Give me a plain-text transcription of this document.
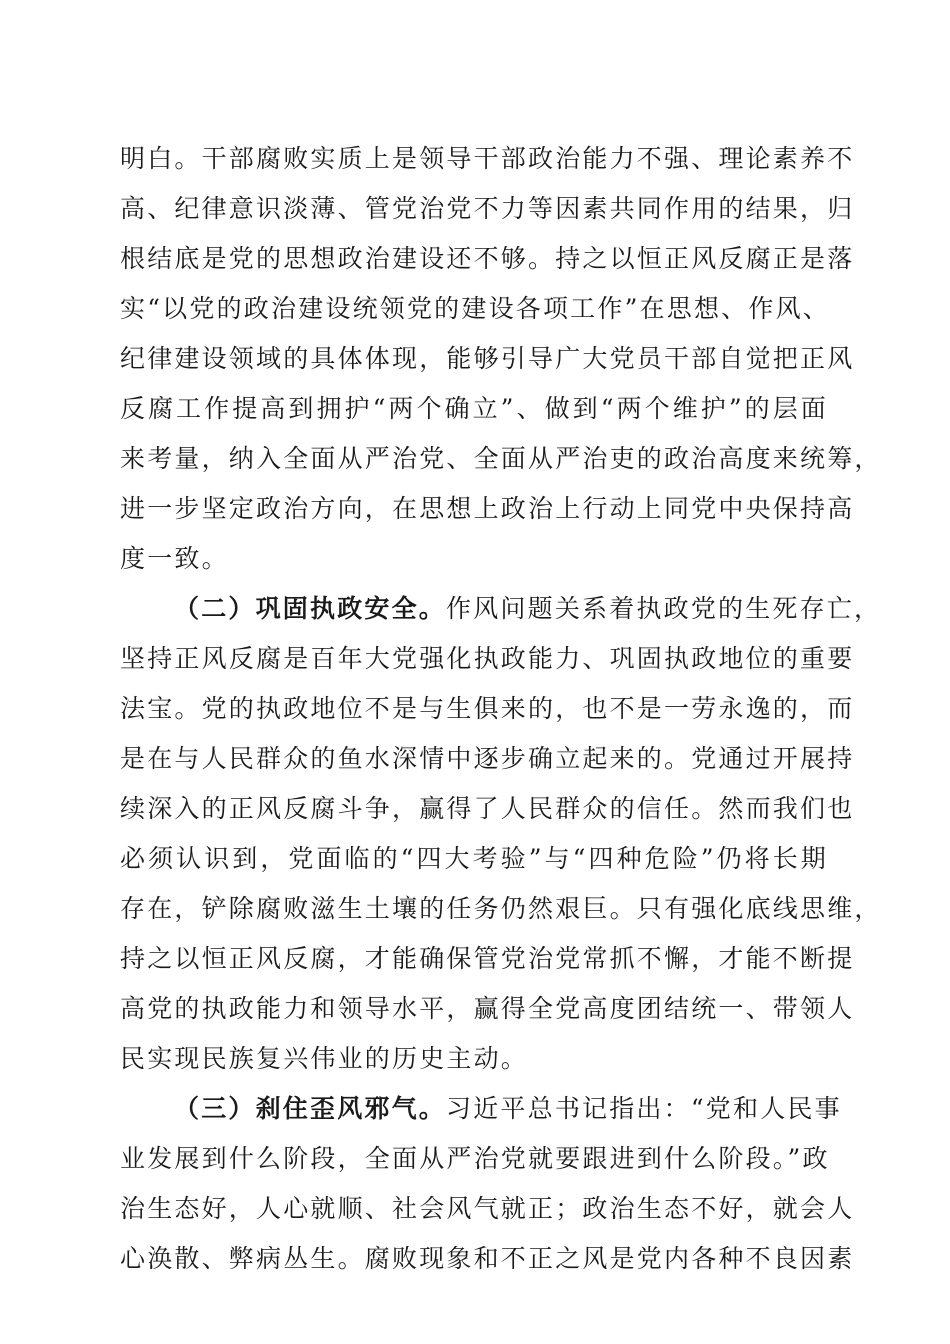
明白。干部腐败实质上是领导干部政治能力不强、理论素养不
高、纪律意识淡薄、管党治党不力等因素共同作用的结果，归
根结底是党的思想政治建设还不够。持之以恒正风反腐正是落
实“以党的政治建设统领党的建设各项工作”在思想、作风、
纪律建设领域的具体体现，能够引导广大党员干部自觉把正风
反腐工作提高到拥护“两个确立”、做到“两个维护”的层面
来考量，纳入全面从严治党、全面从严治吏的政治高度来统筹，
进一步坚定政治方向，在思想上政治上行动上同党中央保持高
度一致。
（二）巩固执政安全。作风问题关系着执政党的生死存亡，
坚持正风反腐是百年大党强化执政能力、巩固执政地位的重要
法宝。党的执政地位不是与生俱来的，也不是一劳永逸的，而
是在与人民群众的鱼水深情中逐步确立起来的。党通过开展持
续深入的正风反腐斗争，赢得了人民群众的信任。然而我们也
必须认识到，党面临的“四大考验”与“四种危险”仍将长期
存在，铲除腐败滋生土壤的任务仍然艰巨。只有强化底线思维，
持之以恒正风反腐，才能确保管党治党常抓不懈，才能不断提
高党的执政能力和领导水平，赢得全党高度团结统一、带领人
民实现民族复兴伟业的历史主动。
（三）刹住歪风邪气。习近平总书记指出：“党和人民事
业发展到什么阶段，全面从严治党就要跟进到什么阶段。”政
治生态好，人心就顺、社会风气就正；政治生态不好，就会人
心涣散、弊病丛生。腐败现象和不正之风是党内各种不良因素
